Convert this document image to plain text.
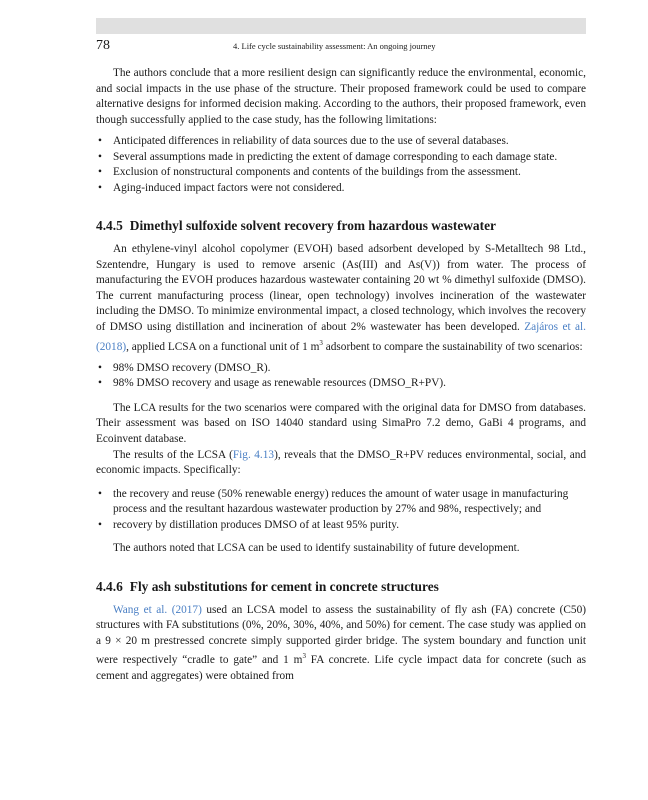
78	4. Life cycle sustainability assessment: An ongoing journey

The authors conclude that a more resilient design can significantly reduce the environmental, economic, and social impacts in the use phase of the structure. Their proposed framework could be used to compare alternative designs for informed decision making. According to the authors, their proposed framework, even though successfully applied to the case study, has the following limitations:

• Anticipated differences in reliability of data sources due to the use of several databases.
• Several assumptions made in predicting the extent of damage corresponding to each damage state.
• Exclusion of nonstructural components and contents of the buildings from the assessment.
• Aging-induced impact factors were not considered.
4.4.5 Dimethyl sulfoxide solvent recovery from hazardous wastewater

An ethylene-vinyl alcohol copolymer (EVOH) based adsorbent developed by S-Metalltech 98 Ltd., Szentendre, Hungary is used to remove arsenic (As(III) and As(V)) from water. The process of manufacturing the EVOH produces hazardous wastewater containing 20 wt % dimethyl sulfoxide (DMSO). The current manufacturing process (linear, open technology) involves incineration of the wastewater including the DMSO. To minimize environmental impact, a closed technology, which involves the recovery of DMSO using distillation and incineration of about 2% wastewater has been developed. Zajáros et al. (2018), applied LCSA on a functional unit of 1 $m^3$ adsorbent to compare the sustainability of two scenarios:

• 98% DMSO recovery (DMSO_R).
• 98% DMSO recovery and usage as renewable resources (DMSO_R+PV).

The LCA results for the two scenarios were compared with the original data for DMSO from databases. Their assessment was based on ISO 14040 standard using SimaPro 7.2 demo, GaBi 4 programs, and Ecoinvent database.

The results of the LCSA (Fig. 4.13), reveals that the DMSO_R+PV reduces environmental, social, and economic impacts. Specifically:

• the recovery and reuse (50% renewable energy) reduces the amount of water usage in manufacturing process and the resultant hazardous wastewater production by 27% and 98%, respectively; and
• recovery by distillation produces DMSO of at least 95% purity.

The authors noted that LCSA can be used to identify sustainability of future development.

4.4.6 Fly ash substitutions for cement in concrete structures

Wang et al. (2017) used an LCSA model to assess the sustainability of fly ash (FA) concrete (C50) structures with FA substitutions (0%, 20%, 30%, 40%, and 50%) for cement. The case study was applied on a 9 × 20 m prestressed concrete simply supported girder bridge. The system boundary and function unit were respectively “cradle to gate” and 1 $m^3$ FA concrete. Life cycle impact data for concrete (such as cement and aggregates) were obtained from
